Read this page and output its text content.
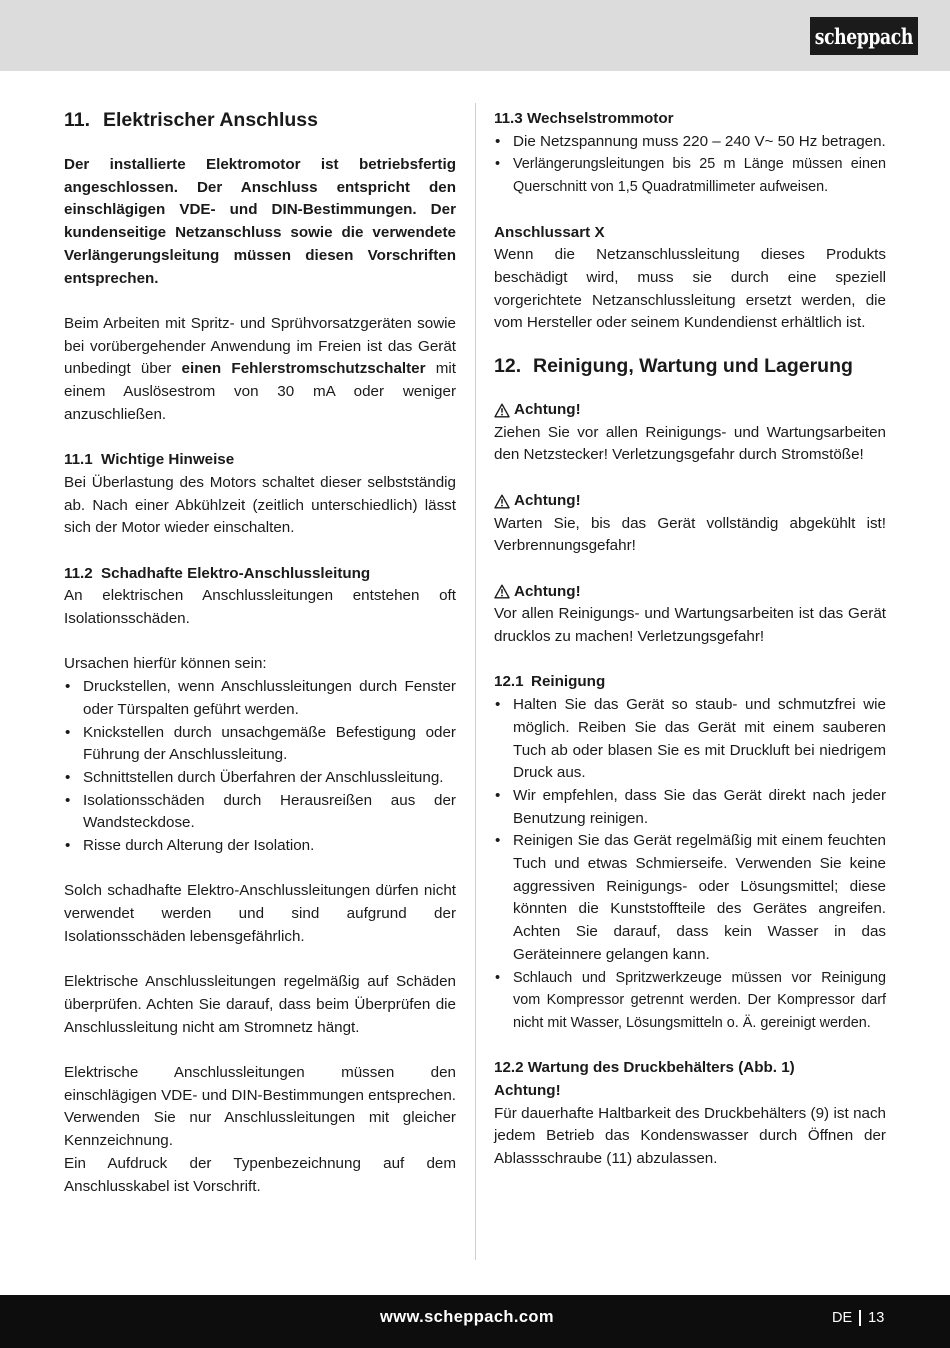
scheppach
11. Elektrischer Anschluss

Der installierte Elektromotor ist betriebsfertig angeschlossen. Der Anschluss entspricht den einschlägigen VDE- und DIN-Bestimmungen. Der kundenseitige Netzanschluss sowie die verwendete Verlängerungsleitung müssen diesen Vorschriften entsprechen.

Beim Arbeiten mit Spritz- und Sprühvorsatzgeräten sowie bei vorübergehender Anwendung im Freien ist das Gerät unbedingt über einen Fehlerstromschutzschalter mit einem Auslösestrom von 30 mA oder weniger anzuschließen.

11.1 Wichtige Hinweise

Bei Überlastung des Motors schaltet dieser selbstständig ab. Nach einer Abkühlzeit (zeitlich unterschiedlich) lässt sich der Motor wieder einschalten.

11.2 Schadhafte Elektro-Anschlussleitung

An elektrischen Anschlussleitungen entstehen oft Isolationsschäden.

Ursachen hierfür können sein:

• Druckstellen, wenn Anschlussleitungen durch Fenster oder Türspalten geführt werden.
• Knickstellen durch unsachgemäße Befestigung oder Führung der Anschlussleitung.
• Schnittstellen durch Überfahren der Anschlussleitung.
• Isolationsschäden durch Herausreißen aus der Wandsteckdose.
• Risse durch Alterung der Isolation.

Solch schadhafte Elektro-Anschlussleitungen dürfen nicht verwendet werden und sind aufgrund der Isolationsschäden lebensgefährlich.

Elektrische Anschlussleitungen regelmäßig auf Schäden überprüfen. Achten Sie darauf, dass beim Überprüfen die Anschlussleitung nicht am Stromnetz hängt.

Elektrische Anschlussleitungen müssen den einschlägigen VDE- und DIN-Bestimmungen entsprechen. Verwenden Sie nur Anschlussleitungen mit gleicher Kennzeichnung.

Ein Aufdruck der Typenbezeichnung auf dem Anschlusskabel ist Vorschrift.

11.3 Wechselstrommotor
• Die Netzspannung muss 220 – 240 V~ 50 Hz betragen.
• Verlängerungsleitungen bis 25 m Länge müssen einen Querschnitt von 1,5 Quadratmillimeter aufweisen.
Anschlussart X

Wenn die Netzanschlussleitung dieses Produkts beschädigt wird, muss sie durch eine speziell vorgerichtete Netzanschlussleitung ersetzt werden, die vom Hersteller oder seinem Kundendienst erhältlich ist.

12. Reinigung, Wartung und Lagerung
Achtung!

Ziehen Sie vor allen Reinigungs- und Wartungsarbeiten den Netzstecker! Verletzungsgefahr durch Stromstöße!

Achtung!

Warten Sie, bis das Gerät vollständig abgekühlt ist! Verbrennungsgefahr!

Achtung!

Vor allen Reinigungs- und Wartungsarbeiten ist das Gerät drucklos zu machen! Verletzungsgefahr!

12.1 Reinigung
• Halten Sie das Gerät so staub- und schmutzfrei wie möglich. Reiben Sie das Gerät mit einem sauberen Tuch ab oder blasen Sie es mit Druckluft bei niedrigem Druck aus.
• Wir empfehlen, dass Sie das Gerät direkt nach jeder Benutzung reinigen.
• Reinigen Sie das Gerät regelmäßig mit einem feuchten Tuch und etwas Schmierseife. Verwenden Sie keine aggressiven Reinigungs- oder Lösungsmittel; diese könnten die Kunststoffteile des Gerätes angreifen. Achten Sie darauf, dass kein Wasser in das Geräteinnere gelangen kann.
• Schlauch und Spritzwerkzeuge müssen vor Reinigung vom Kompressor getrennt werden. Der Kompressor darf nicht mit Wasser, Lösungsmitteln o. Ä. gereinigt werden.
12.2 Wartung des Druckbehälters (Abb. 1)
Achtung!

Für dauerhafte Haltbarkeit des Druckbehälters (9) ist nach jedem Betrieb das Kondenswasser durch Öffnen der Ablassschraube (11) abzulassen.

www.scheppach.com	DE 13
